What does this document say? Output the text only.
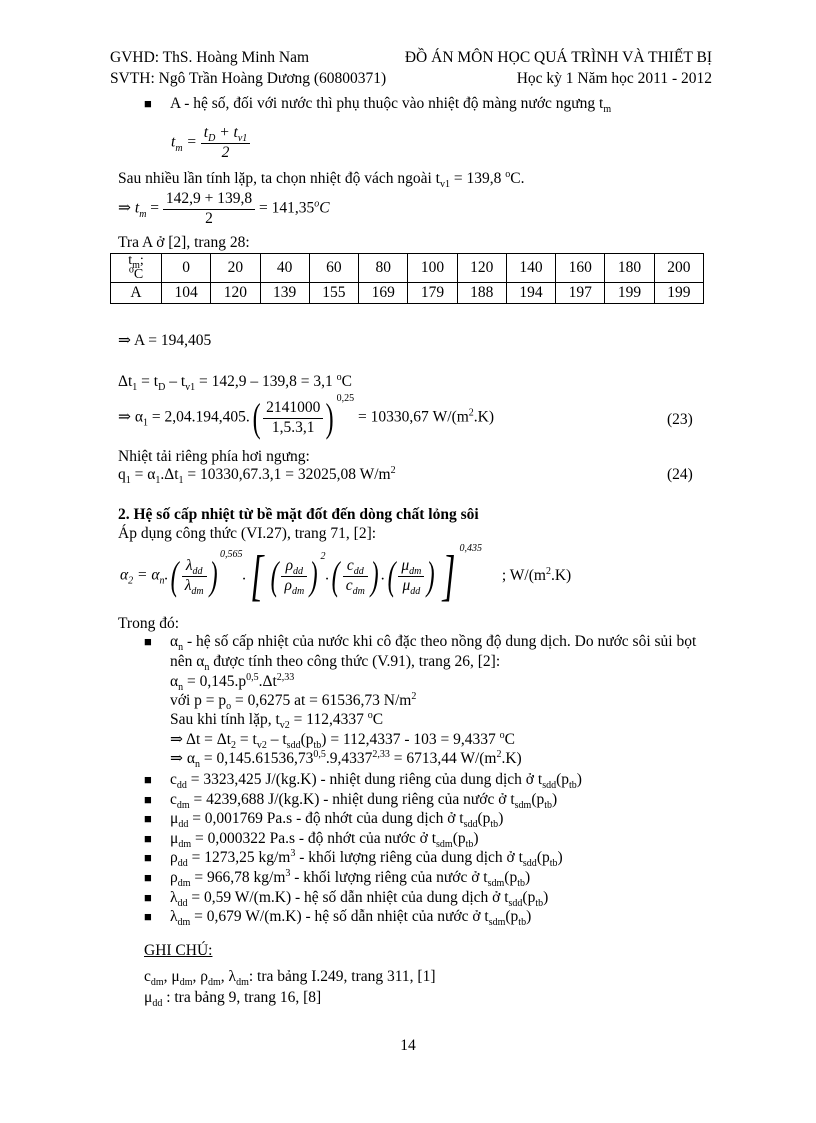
GVHD: ThS. Hoàng Minh Nam
SVTH: Ngô Trần Hoàng Dương (60800371)
ĐỒ ÁN MÔN HỌC QUÁ TRÌNH VÀ THIẾT BỊ
Học kỳ 1 Năm học 2011 - 2012
■ A - hệ số, đối với nước thì phụ thuộc vào nhiệt độ màng nước ngưng $t_m$
$t_m = \frac{t_D + t_{v1}}{2}$
Sau nhiều lần tính lặp, ta chọn nhiệt độ vách ngoài $t_{v1} = 139,8$ $^o$C.
⇒ $t_m = \frac{142,9 + 139,8}{2} = 141,35^oC$
Tra A ở [2], trang 28:
$t_m$;
$^o$C	0	20	40	60	80	100	120	140	160	180	200
A	104	120	139	155	169	179	188	194	197	199	199
⇒ A = 194,405
$\Delta t_1 = t_D - t_{v1} = 142,9 - 139,8 = 3,1$ $^o$C
⇒ $\alpha_1 = 2,04.194,405.( \frac{2141000}{1,5.3,1}$ ) $^{0,25}$ = 10330,67 $W/(m^2.K)$	(23)
Nhiệt tải riêng phía hơi ngưng:
$q_1 = \alpha_1.\Delta t_1 = 10330,67.3,1 = 32025,08$ $W/m^2$	(24)
2. Hệ số cấp nhiệt từ bề mặt đốt đến dòng chất lỏng sôi
Áp dụng công thức (VI.27), trang 71, [2]:
$\alpha_2 = \alpha_n.( \frac{\lambda_{dd}}{\lambda_{dm}}$ ) $^{0,565}$.[ ( $\frac{\rho_{dd}}{\rho_{dm}}$ ) $^2.( \frac{c_{dd}}{c_{dm}}$ ) .( $\frac{\mu_{dm}}{\mu_{dd}}$ ) ] $^{0,435}$ ; $W/(m^2.K)$
Trong đó:
■ $\alpha_n$ - hệ số cấp nhiệt của nước khi cô đặc theo nồng độ dung dịch. Do nước sôi sủi bọt
nên $\alpha_n$ được tính theo công thức (V.91), trang 26, [2]:
$\alpha_n = 0,145.p^{0,5}.\Delta t^{2,33}$
với $p = p_o = 0,6275$ at = 61536,73 $N/m^2$
Sau khi tính lặp, $t_{v2} = 112,4337$ $^o$C
⇒ $\Delta t = \Delta t_2 = t_{v2} - t_{sdd}(p_{tb}) = 112,4337 - 103 = 9,4337$ $^o$C
⇒ $\alpha_n = 0,145.61536,73^{0,5}.9,4337^{2,33} = 6713,44$ $W/(m^2.K)$
■ $c_{dd} = 3323,425$ J/(kg.K) - nhiệt dung riêng của dung dịch ở $t_{sdd}(p_{tb})$
■ $c_{dm} = 4239,688$ J/(kg.K) - nhiệt dung riêng của nước ở $t_{sdm}(p_{tb})$
■ $\mu_{dd} = 0,001769$ Pa.s - độ nhớt của dung dịch ở $t_{sdd}(p_{tb})$
■ $\mu_{dm} = 0,000322$ Pa.s - độ nhớt của nước ở $t_{sdm}(p_{tb})$
■ $\rho_{dd} = 1273,25$ $kg/m^3$ - khối lượng riêng của dung dịch ở $t_{sdd}(p_{tb})$
■ $\rho_{dm} = 966,78$ $kg/m^3$ - khối lượng riêng của nước ở $t_{sdm}(p_{tb})$
■ $\lambda_{dd} = 0,59$ W/(m.K) - hệ số dẫn nhiệt của dung dịch ở $t_{sdd}(p_{tb})$
■ $\lambda_{dm} = 0,679$ W/(m.K) - hệ số dẫn nhiệt của nước ở $t_{sdm}(p_{tb})$
GHI CHÚ:
$c_{dm}$, $\mu_{dm}$, $\rho_{dm}$, $\lambda_{dm}$: tra bảng I.249, trang 311, [1]
$\mu_{dd}$ : tra bảng 9, trang 16, [8]
14
